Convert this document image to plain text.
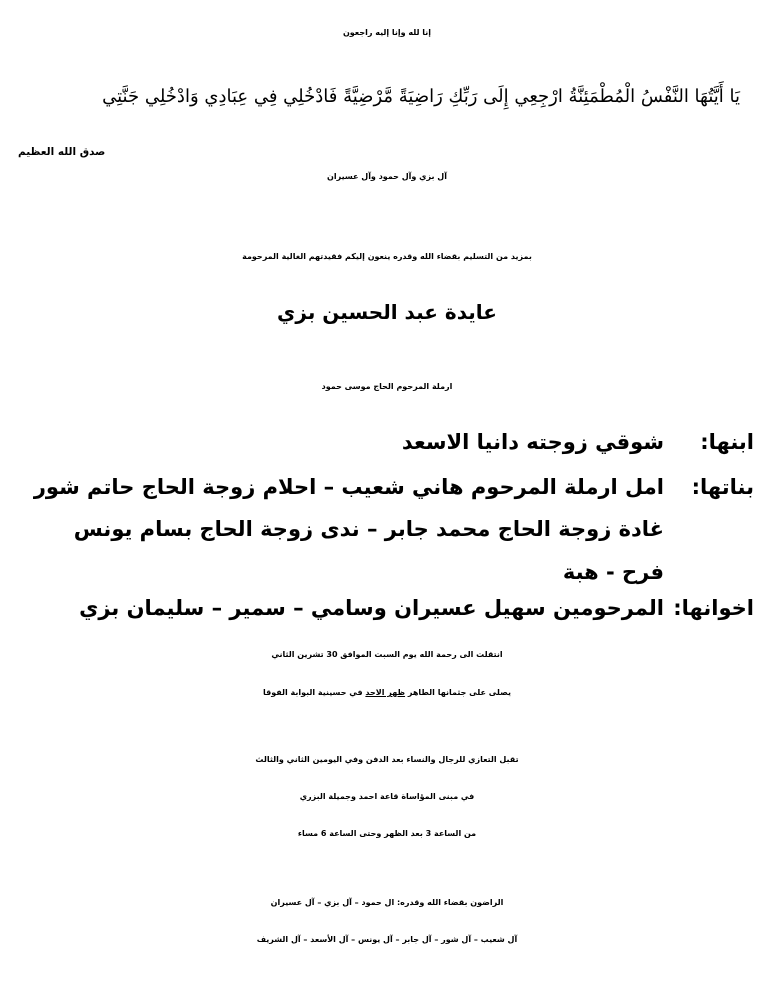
إنا لله وإنا إليه راجعون
يَا أَيَّتُهَا النَّفْسُ الْمُطْمَئِنَّةُ ارْجِعِي إِلَى رَبِّكِ رَاضِيَةً مَّرْضِيَّةً فَادْخُلِي فِي عِبَادِي وَادْخُلِي جَنَّتِي
صدق الله العظيم
آل بزي وآل حمود وآل عسيران
بمزيد من التسليم بقضاء الله وقدره ينعون إليكم فقيدتهم الغالية المرحومة
عايدة عبد الحسين بزي
ارملة المرحوم الحاج موسى حمود
ابنها:شوقي زوجته دانيا الاسعد
بناتها:امل ارملة المرحوم هاني شعيب – احلام زوجة الحاج حاتم شور
غادة زوجة الحاج محمد جابر – ندى زوجة الحاج بسام يونس
فرح - هبة
اخوانها:المرحومين سهيل عسيران وسامي – سمير – سليمان بزي
انتقلت الى رحمة الله يوم السبت الموافق 30 تشرين الثاني
يصلى على جثمانها الطاهر ظهر الاحد في حسينية البوابة الفوقا
تقبل التعازي للرجال والنساء بعد الدفن وفي اليومين الثاني والثالث
في مبنى المؤاساة قاعة احمد وجميلة البزري
من الساعة 3 بعد الظهر وحتى الساعة 6 مساء
الراضون بقضاء الله وقدره: ال حمود – آل بزي – آل عسيران
آل شعيب – آل شور – آل جابر – آل يونس – آل الأسعد – آل الشريف
